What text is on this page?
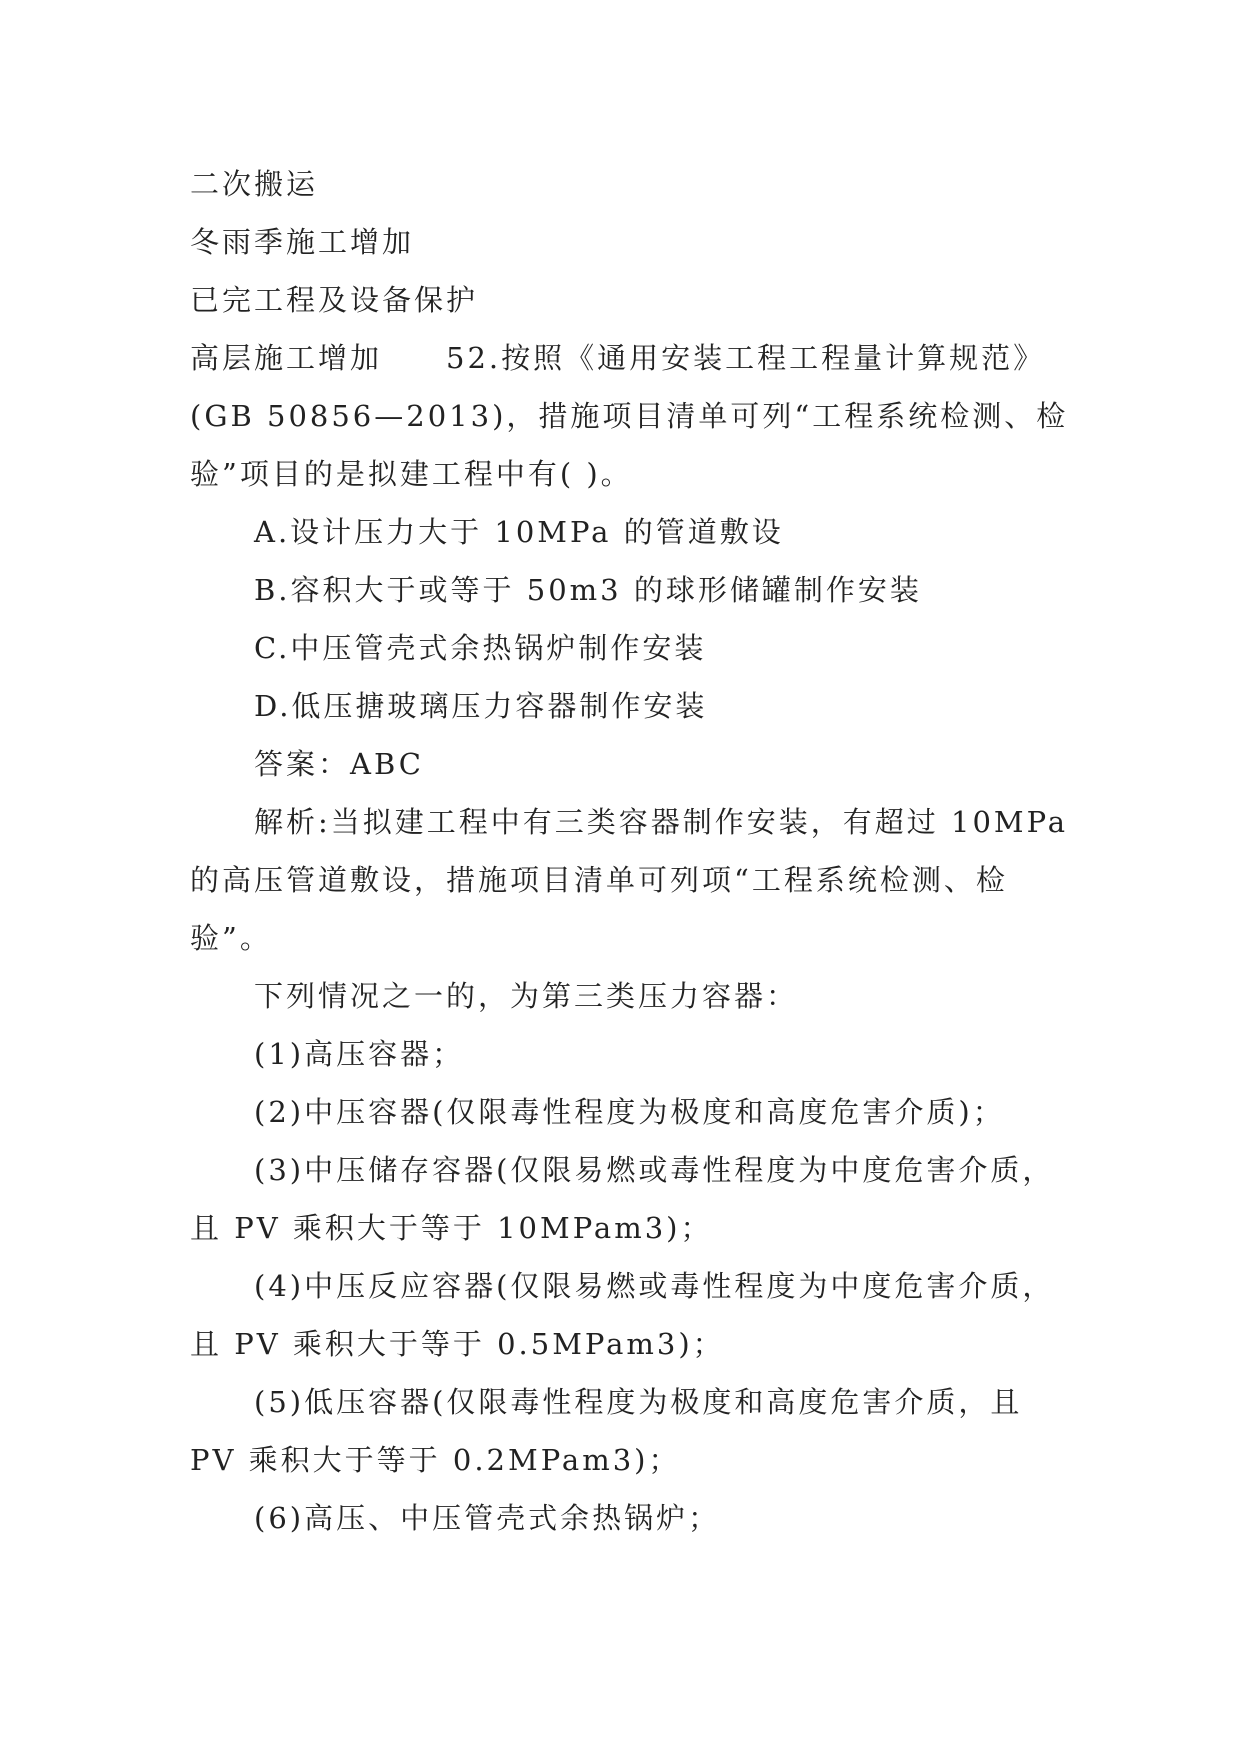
二次搬运
冬雨季施工增加
已完工程及设备保护
高层施工增加 52.按照《通用安装工程工程量计算规范》
(GB 50856—2013)，措施项目清单可列“工程系统检测、检
验”项目的是拟建工程中有( )。
A.设计压力大于 10MPa 的管道敷设
B.容积大于或等于 50m3 的球形储罐制作安装
C.中压管壳式余热锅炉制作安装
D.低压搪玻璃压力容器制作安装
答案：ABC
解析:当拟建工程中有三类容器制作安装，有超过 10MPa
的高压管道敷设，措施项目清单可列项“工程系统检测、检
验”。
下列情况之一的，为第三类压力容器：
(1)高压容器；
(2)中压容器(仅限毒性程度为极度和高度危害介质)；
(3)中压储存容器(仅限易燃或毒性程度为中度危害介质，
且 PV 乘积大于等于 10MPam3)；
(4)中压反应容器(仅限易燃或毒性程度为中度危害介质，
且 PV 乘积大于等于 0.5MPam3)；
(5)低压容器(仅限毒性程度为极度和高度危害介质，且
PV 乘积大于等于 0.2MPam3)；
(6)高压、中压管壳式余热锅炉；
